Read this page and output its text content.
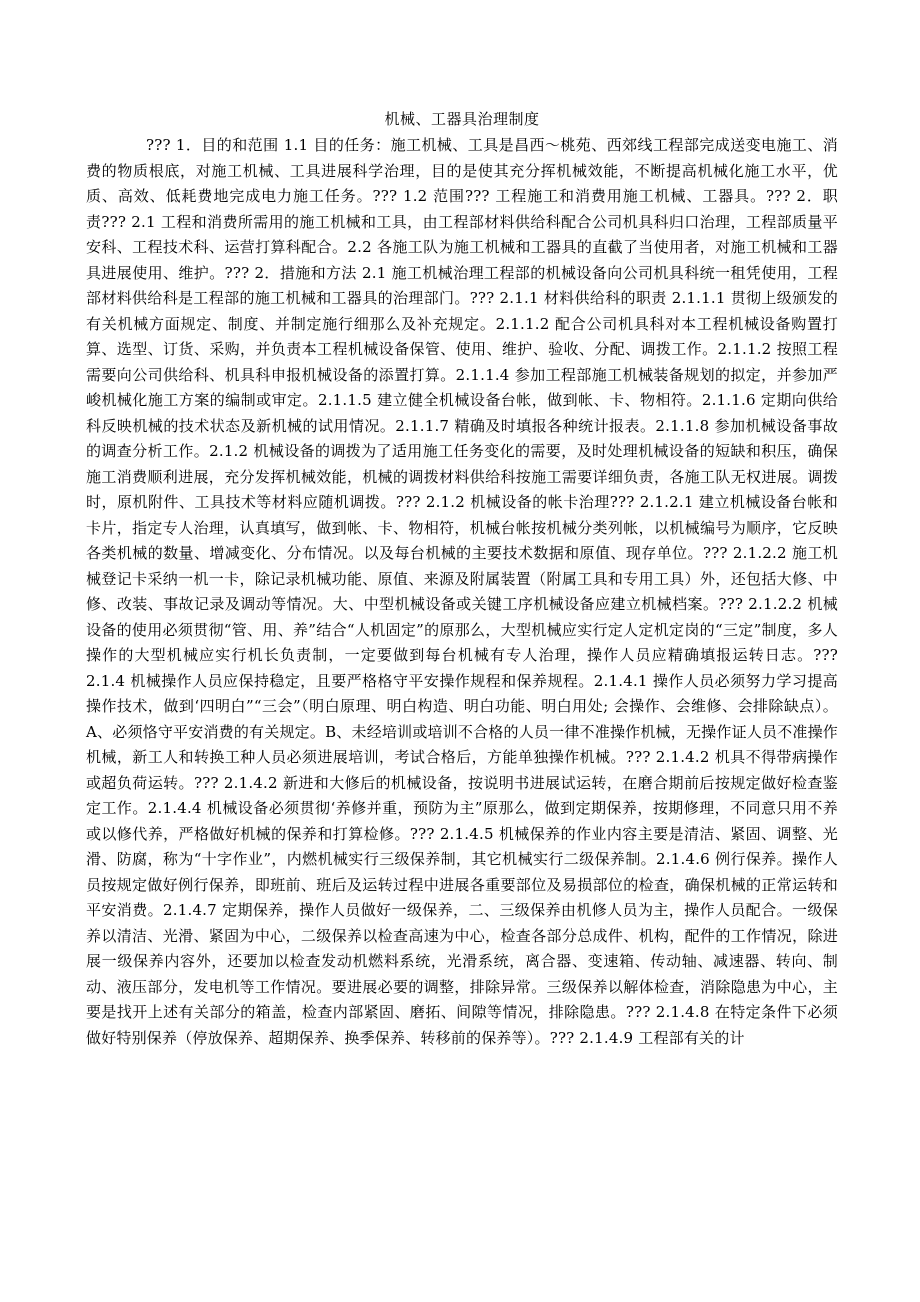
机械、工器具治理制度

??? 1．目的和范围 1.1 目的任务：施工机械、工具是昌西～桃苑、西郊线工程部完成送变电施工、消费的物质根底，对施工机械、工具进展科学治理，目的是使其充分挥机械效能，不断提高机械化施工水平，优质、高效、低耗费地完成电力施工任务。??? 1.2 范围??? 工程施工和消费用施工机械、工器具。??? 2．职责??? 2.1 工程和消费所需用的施工机械和工具，由工程部材料供给科配合公司机具科归口治理，工程部质量平安科、工程技术科、运营打算科配合。2.2 各施工队为施工机械和工器具的直截了当使用者，对施工机械和工器具进展使用、维护。??? 2．措施和方法 2.1 施工机械治理工程部的机械设备向公司机具科统一租凭使用，工程部材料供给科是工程部的施工机械和工器具的治理部门。??? 2.1.1 材料供给科的职责 2.1.1.1 贯彻上级颁发的有关机械方面规定、制度、并制定施行细那么及补充规定。2.1.1.2 配合公司机具科对本工程机械设备购置打算、选型、订货、采购，并负责本工程机械设备保管、使用、维护、验收、分配、调拨工作。2.1.1.2 按照工程需要向公司供给科、机具科申报机械设备的添置打算。2.1.1.4 参加工程部施工机械装备规划的拟定，并参加严峻机械化施工方案的编制或审定。2.1.1.5 建立健全机械设备台帐，做到帐、卡、物相符。2.1.1.6 定期向供给科反映机械的技术状态及新机械的试用情况。2.1.1.7 精确及时填报各种统计报表。2.1.1.8 参加机械设备事故的调查分析工作。2.1.2 机械设备的调拨为了适用施工任务变化的需要，及时处理机械设备的短缺和积压，确保施工消费顺利进展，充分发挥机械效能，机械的调拨材料供给科按施工需要详细负责，各施工队无权进展。调拨时，原机附件、工具技术等材料应随机调拨。??? 2.1.2 机械设备的帐卡治理??? 2.1.2.1 建立机械设备台帐和卡片，指定专人治理，认真填写，做到帐、卡、物相符，机械台帐按机械分类列帐，以机械编号为顺序，它反映各类机械的数量、增减变化、分布情况。以及每台机械的主要技术数据和原值、现存单位。??? 2.1.2.2 施工机械登记卡采纳一机一卡，除记录机械功能、原值、来源及附属装置（附属工具和专用工具）外，还包括大修、中修、改装、事故记录及调动等情况。大、中型机械设备或关键工序机械设备应建立机械档案。??? 2.1.2.2 机械设备的使用必须贯彻“管、用、养”结合“人机固定”的原那么，大型机械应实行定人定机定岗的“三定”制度，多人操作的大型机械应实行机长负责制，一定要做到每台机械有专人治理，操作人员应精确填报运转日志。??? 2.1.4 机械操作人员应保持稳定，且要严格格守平安操作规程和保养规程。2.1.4.1 操作人员必须努力学习提高操作技术，做到‘四明白”“三会”（明白原理、明白构造、明白功能、明白用处; 会操作、会维修、会排除缺点）。A、必须恪守平安消费的有关规定。B、未经培训或培训不合格的人员一律不准操作机械，无操作证人员不准操作机械，新工人和转换工种人员必须进展培训，考试合格后，方能单独操作机械。??? 2.1.4.2 机具不得带病操作或超负荷运转。??? 2.1.4.2 新进和大修后的机械设备，按说明书进展试运转，在磨合期前后按规定做好检查鉴定工作。2.1.4.4 机械设备必须贯彻‘养修并重，预防为主”原那么，做到定期保养，按期修理，不同意只用不养或以修代养，严格做好机械的保养和打算检修。??? 2.1.4.5 机械保养的作业内容主要是清洁、紧固、调整、光滑、防腐，称为“十字作业”，内燃机械实行三级保养制，其它机械实行二级保养制。2.1.4.6 例行保养。操作人员按规定做好例行保养，即班前、班后及运转过程中进展各重要部位及易损部位的检查，确保机械的正常运转和平安消费。2.1.4.7 定期保养，操作人员做好一级保养，二、三级保养由机修人员为主，操作人员配合。一级保养以清洁、光滑、紧固为中心，二级保养以检查高速为中心，检查各部分总成件、机构，配件的工作情况，除进展一级保养内容外，还要加以检查发动机燃料系统，光滑系统，离合器、变速箱、传动轴、减速器、转向、制动、液压部分，发电机等工作情况。要进展必要的调整，排除异常。三级保养以解体检查，消除隐患为中心，主要是找开上述有关部分的箱盖，检查内部紧固、磨拓、间隙等情况，排除隐患。??? 2.1.4.8 在特定条件下必须做好特别保养（停放保养、超期保养、换季保养、转移前的保养等）。??? 2.1.4.9 工程部有关的计
